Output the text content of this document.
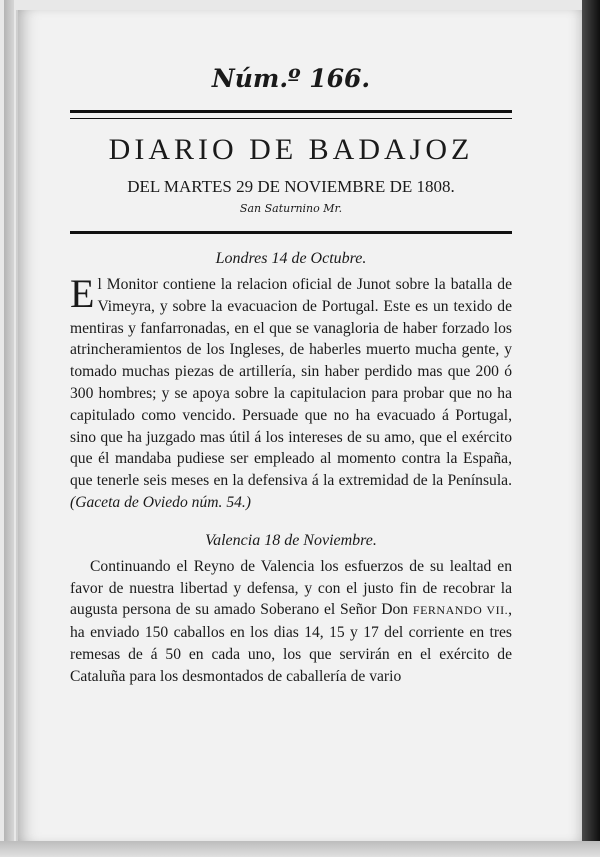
Núm.º 166.
DIARIO DE BADAJOZ
DEL MARTES 29 DE NOVIEMBRE DE 1808.
San Saturnino Mr.
Londres 14 de Octubre.

El Monitor contiene la relacion oficial de Junot sobre la batalla de Vimeyra, y sobre la evacuacion de Portugal. Este es un texido de mentiras y fanfarronadas, en el que se vanagloria de haber forzado los atrincheramientos de los Ingleses, de haberles muerto mucha gente, y tomado muchas piezas de artillería, sin haber perdido mas que 200 ó 300 hombres; y se apoya sobre la capitulacion para probar que no ha capitulado como vencido. Persuade que no ha evacuado á Portugal, sino que ha juzgado mas útil á los intereses de su amo, que el exército que él mandaba pudiese ser empleado al momento contra la España, que tenerle seis meses en la defensiva á la extremidad de la Península. (Gaceta de Oviedo núm. 54.)

Valencia 18 de Noviembre.

Continuando el Reyno de Valencia los esfuerzos de su lealtad en favor de nuestra libertad y defensa, y con el justo fin de recobrar la augusta persona de su amado Soberano el Señor Don FERNANDO VII., ha enviado 150 caballos en los dias 14, 15 y 17 del corriente en tres remesas de á 50 en cada uno, los que servirán en el exército de Cataluña para los desmontados de caballería de vario
